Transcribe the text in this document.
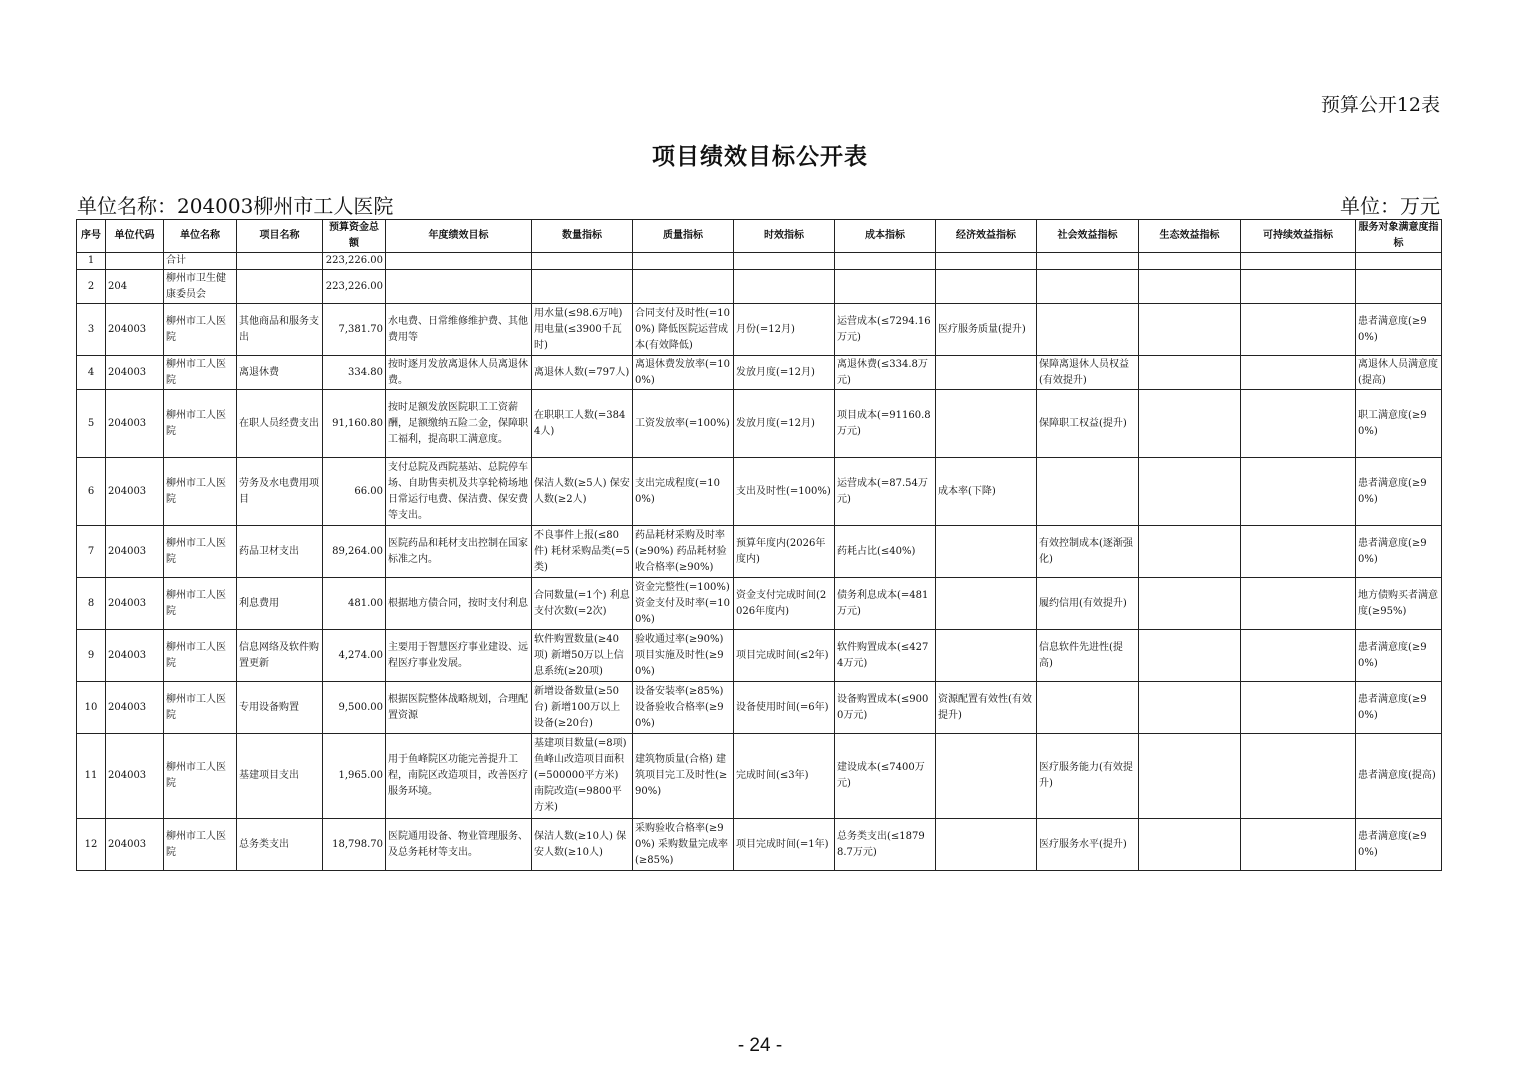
预算公开12表
项目绩效目标公开表
单位名称：204003柳州市工人医院	单位：万元
序号	单位代码	单位名称	项目名称	预算资金总额	年度绩效目标	数量指标	质量指标	时效指标	成本指标	经济效益指标	社会效益指标	生态效益指标	可持续效益指标	服务对象满意度指标
1		合计		223,226.00										
2	204	柳州市卫生健康委员会		223,226.00										
3	204003	柳州市工人医院	其他商品和服务支出	7,381.70	水电费、日常维修维护费、其他费用等	用水量(≤98.6万吨) 用电量(≤3900千瓦时)	合同支付及时性(=100%) 降低医院运营成本(有效降低)	月份(=12月)	运营成本(≤7294.16万元)	医疗服务质量(提升)				患者满意度(≥90%)
4	204003	柳州市工人医院	离退休费	334.80	按时逐月发放离退休人员离退休费。	离退休人数(=797人)	离退休费发放率(=100%)	发放月度(=12月)	离退休费(≤334.8万元)		保障离退休人员权益(有效提升)			离退休人员满意度(提高)
5	204003	柳州市工人医院	在职人员经费支出	91,160.80	按时足额发放医院职工工资薪酬，足额缴纳五险二金，保障职工福利，提高职工满意度。	在职职工人数(=3844人)	工资发放率(=100%)	发放月度(=12月)	项目成本(=91160.8万元)		保障职工权益(提升)			职工满意度(≥90%)
6	204003	柳州市工人医院	劳务及水电费用项目	66.00	支付总院及西院基站、总院停车场、自助售卖机及共享轮椅场地日常运行电费、保洁费、保安费等支出。	保洁人数(≥5人) 保安人数(≥2人)	支出完成程度(=100%)	支出及时性(=100%)	运营成本(=87.54万元)	成本率(下降)				患者满意度(≥90%)
7	204003	柳州市工人医院	药品卫材支出	89,264.00	医院药品和耗材支出控制在国家标准之内。	不良事件上报(≤80件) 耗材采购品类(=5类)	药品耗材采购及时率(≥90%) 药品耗材验收合格率(≥90%)	预算年度内(2026年度内)	药耗占比(≤40%)		有效控制成本(逐渐强化)			患者满意度(≥90%)
8	204003	柳州市工人医院	利息费用	481.00	根据地方债合同，按时支付利息	合同数量(=1个) 利息支付次数(=2次)	资金完整性(=100%) 资金支付及时率(=100%)	资金支付完成时间(2026年度内)	债务利息成本(=481万元)		履约信用(有效提升)			地方债购买者满意度(≥95%)
9	204003	柳州市工人医院	信息网络及软件购置更新	4,274.00	主要用于智慧医疗事业建设、远程医疗事业发展。	软件购置数量(≥40项) 新增50万以上信息系统(≥20项)	验收通过率(≥90%) 项目实施及时性(≥90%)	项目完成时间(≤2年)	软件购置成本(≤4274万元)		信息软件先进性(提高)			患者满意度(≥90%)
10	204003	柳州市工人医院	专用设备购置	9,500.00	根据医院整体战略规划，合理配置资源	新增设备数量(≥50台) 新增100万以上设备(≥20台)	设备安装率(≥85%) 设备验收合格率(≥90%)	设备使用时间(=6年)	设备购置成本(≤9000万元)	资源配置有效性(有效提升)				患者满意度(≥90%)
11	204003	柳州市工人医院	基建项目支出	1,965.00	用于鱼峰院区功能完善提升工程，南院区改造项目，改善医疗服务环境。	基建项目数量(=8项) 鱼峰山改造项目面积(=500000平方米) 南院改造(=9800平方米)	建筑物质量(合格) 建筑项目完工及时性(≥90%)	完成时间(≤3年)	建设成本(≤7400万元)		医疗服务能力(有效提升)			患者满意度(提高)
12	204003	柳州市工人医院	总务类支出	18,798.70	医院通用设备、物业管理服务、及总务耗材等支出。	保洁人数(≥10人) 保安人数(≥10人)	采购验收合格率(≥90%) 采购数量完成率(≥85%)	项目完成时间(=1年)	总务类支出(≤18798.7万元)		医疗服务水平(提升)			患者满意度(≥90%)
- 24 -
